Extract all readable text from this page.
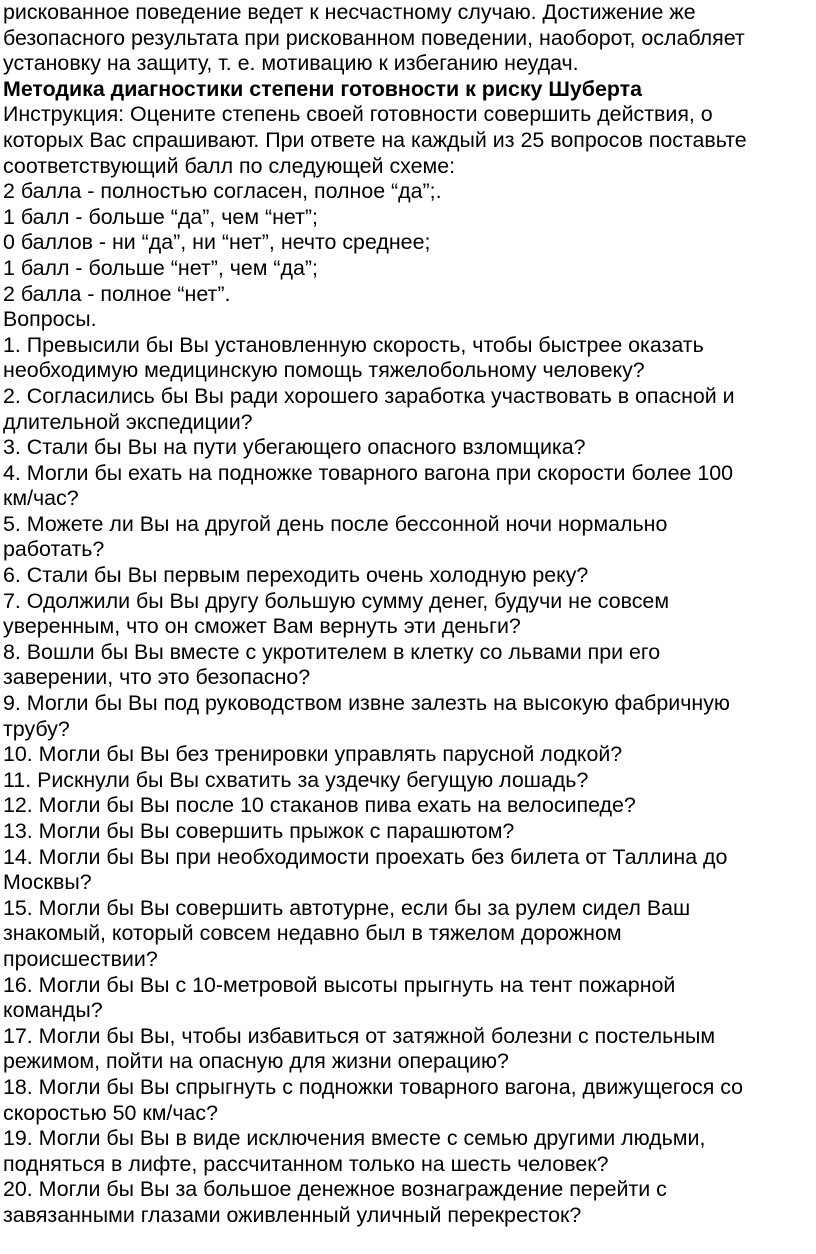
рискованное поведение ведет к несчастному случаю. Достижение же
безопасного результата при рискованном поведении, наоборот, ослабляет
установку на защиту, т. е. мотивацию к избеганию неудач.
Методика диагностики степени готовности к риску Шуберта
Инструкция: Оцените степень своей готовности совершить действия, о
которых Вас спрашивают. При ответе на каждый из 25 вопросов поставьте
соответствующий балл по следующей схеме:
2 балла - полностью согласен, полное “да”;.
1 балл - больше “да”, чем “нет”;
0 баллов - ни “да”, ни “нет”, нечто среднее;
1 балл - больше “нет”, чем “да”;
2 балла - полное “нет”.
Вопросы.
1. Превысили бы Вы установленную скорость, чтобы быстрее оказать
необходимую медицинскую помощь тяжелобольному человеку?
2. Согласились бы Вы ради хорошего заработка участвовать в опасной и
длительной экспедиции?
3. Стали бы Вы на пути убегающего опасного взломщика?
4. Могли бы ехать на подножке товарного вагона при скорости более 100
км/час?
5. Можете ли Вы на другой день после бессонной ночи нормально
работать?
6. Стали бы Вы первым переходить очень холодную реку?
7. Одолжили бы Вы другу большую сумму денег, будучи не совсем
уверенным, что он сможет Вам вернуть эти деньги?
8. Вошли бы Вы вместе с укротителем в клетку со львами при его
заверении, что это безопасно?
9. Могли бы Вы под руководством извне залезть на высокую фабричную
трубу?
10. Могли бы Вы без тренировки управлять парусной лодкой?
11. Рискнули бы Вы схватить за уздечку бегущую лошадь?
12. Могли бы Вы после 10 стаканов пива ехать на велосипеде?
13. Могли бы Вы совершить прыжок с парашютом?
14. Могли бы Вы при необходимости проехать без билета от Таллина до
Москвы?
15. Могли бы Вы совершить автотурне, если бы за рулем сидел Ваш
знакомый, который совсем недавно был в тяжелом дорожном
происшествии?
16. Могли бы Вы с 10-метровой высоты прыгнуть на тент пожарной
команды?
17. Могли бы Вы, чтобы избавиться от затяжной болезни с постельным
режимом, пойти на опасную для жизни операцию?
18. Могли бы Вы спрыгнуть с подножки товарного вагона, движущегося со
скоростью 50 км/час?
19. Могли бы Вы в виде исключения вместе с семью другими людьми,
подняться в лифте, рассчитанном только на шесть человек?
20. Могли бы Вы за большое денежное вознаграждение перейти с
завязанными глазами оживленный уличный перекресток?
